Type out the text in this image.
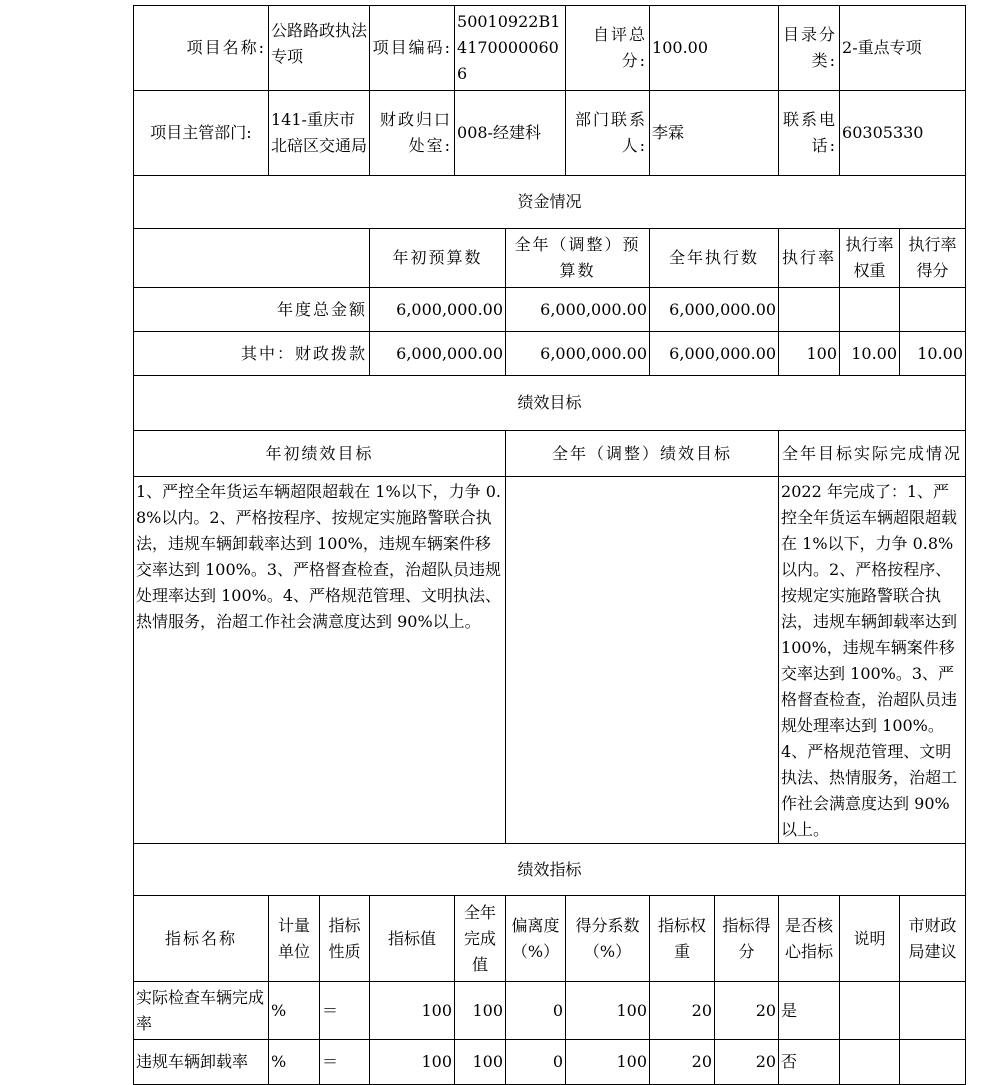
项目名称:	公路路政执法专项		项目编码:	50010922B141700000606		自评总分:	100.00		目录分类:	2-重点专项	
项目主管部门:	141-重庆市北碚区交通局		财政归口处室:	008-经建科		部门联系人:	李霖		联系电话:	60305330	
资金情况											
			年初预算数		全年（调整）预算数		全年执行数		执行率	执行率权重	执行率得分
年度总金额			6,000,000.00		6,000,000.00		6,000,000.00				
其中：财政拨款			6,000,000.00		6,000,000.00		6,000,000.00		100	10.00	10.00
绩效目标											
年初绩效目标					全年（调整）绩效目标				全年目标实际完成情况		
1、严控全年货运车辆超限超载在 1%以下，力争 0.8%以内。2、严格按程序、按规定实施路警联合执法，违规车辆卸载率达到 100%，违规车辆案件移交率达到 100%。3、严格督查检查，治超队员违规处理率达到 100%。4、严格规范管理、文明执法、热情服务，治超工作社会满意度达到 90%以上。									2022 年完成了：1、严控全年货运车辆超限超载在 1%以下，力争 0.8%以内。2、严格按程序、按规定实施路警联合执法，违规车辆卸载率达到 100%，违规车辆案件移交率达到 100%。3、严格督查检查，治超队员违规处理率达到 100%。4、严格规范管理、文明执法、热情服务，治超工作社会满意度达到 90%以上。		
绩效指标											
指标名称	计量单位	指标性质	指标值	全年完成值	偏离度（%）	得分系数（%）	指标权重	指标得分	是否核心指标	说明	市财政局建议
实际检查车辆完成率	%	＝	100	100	0	100	20	20	是		
违规车辆卸载率	%	＝	100	100	0	100	20	20	否		
